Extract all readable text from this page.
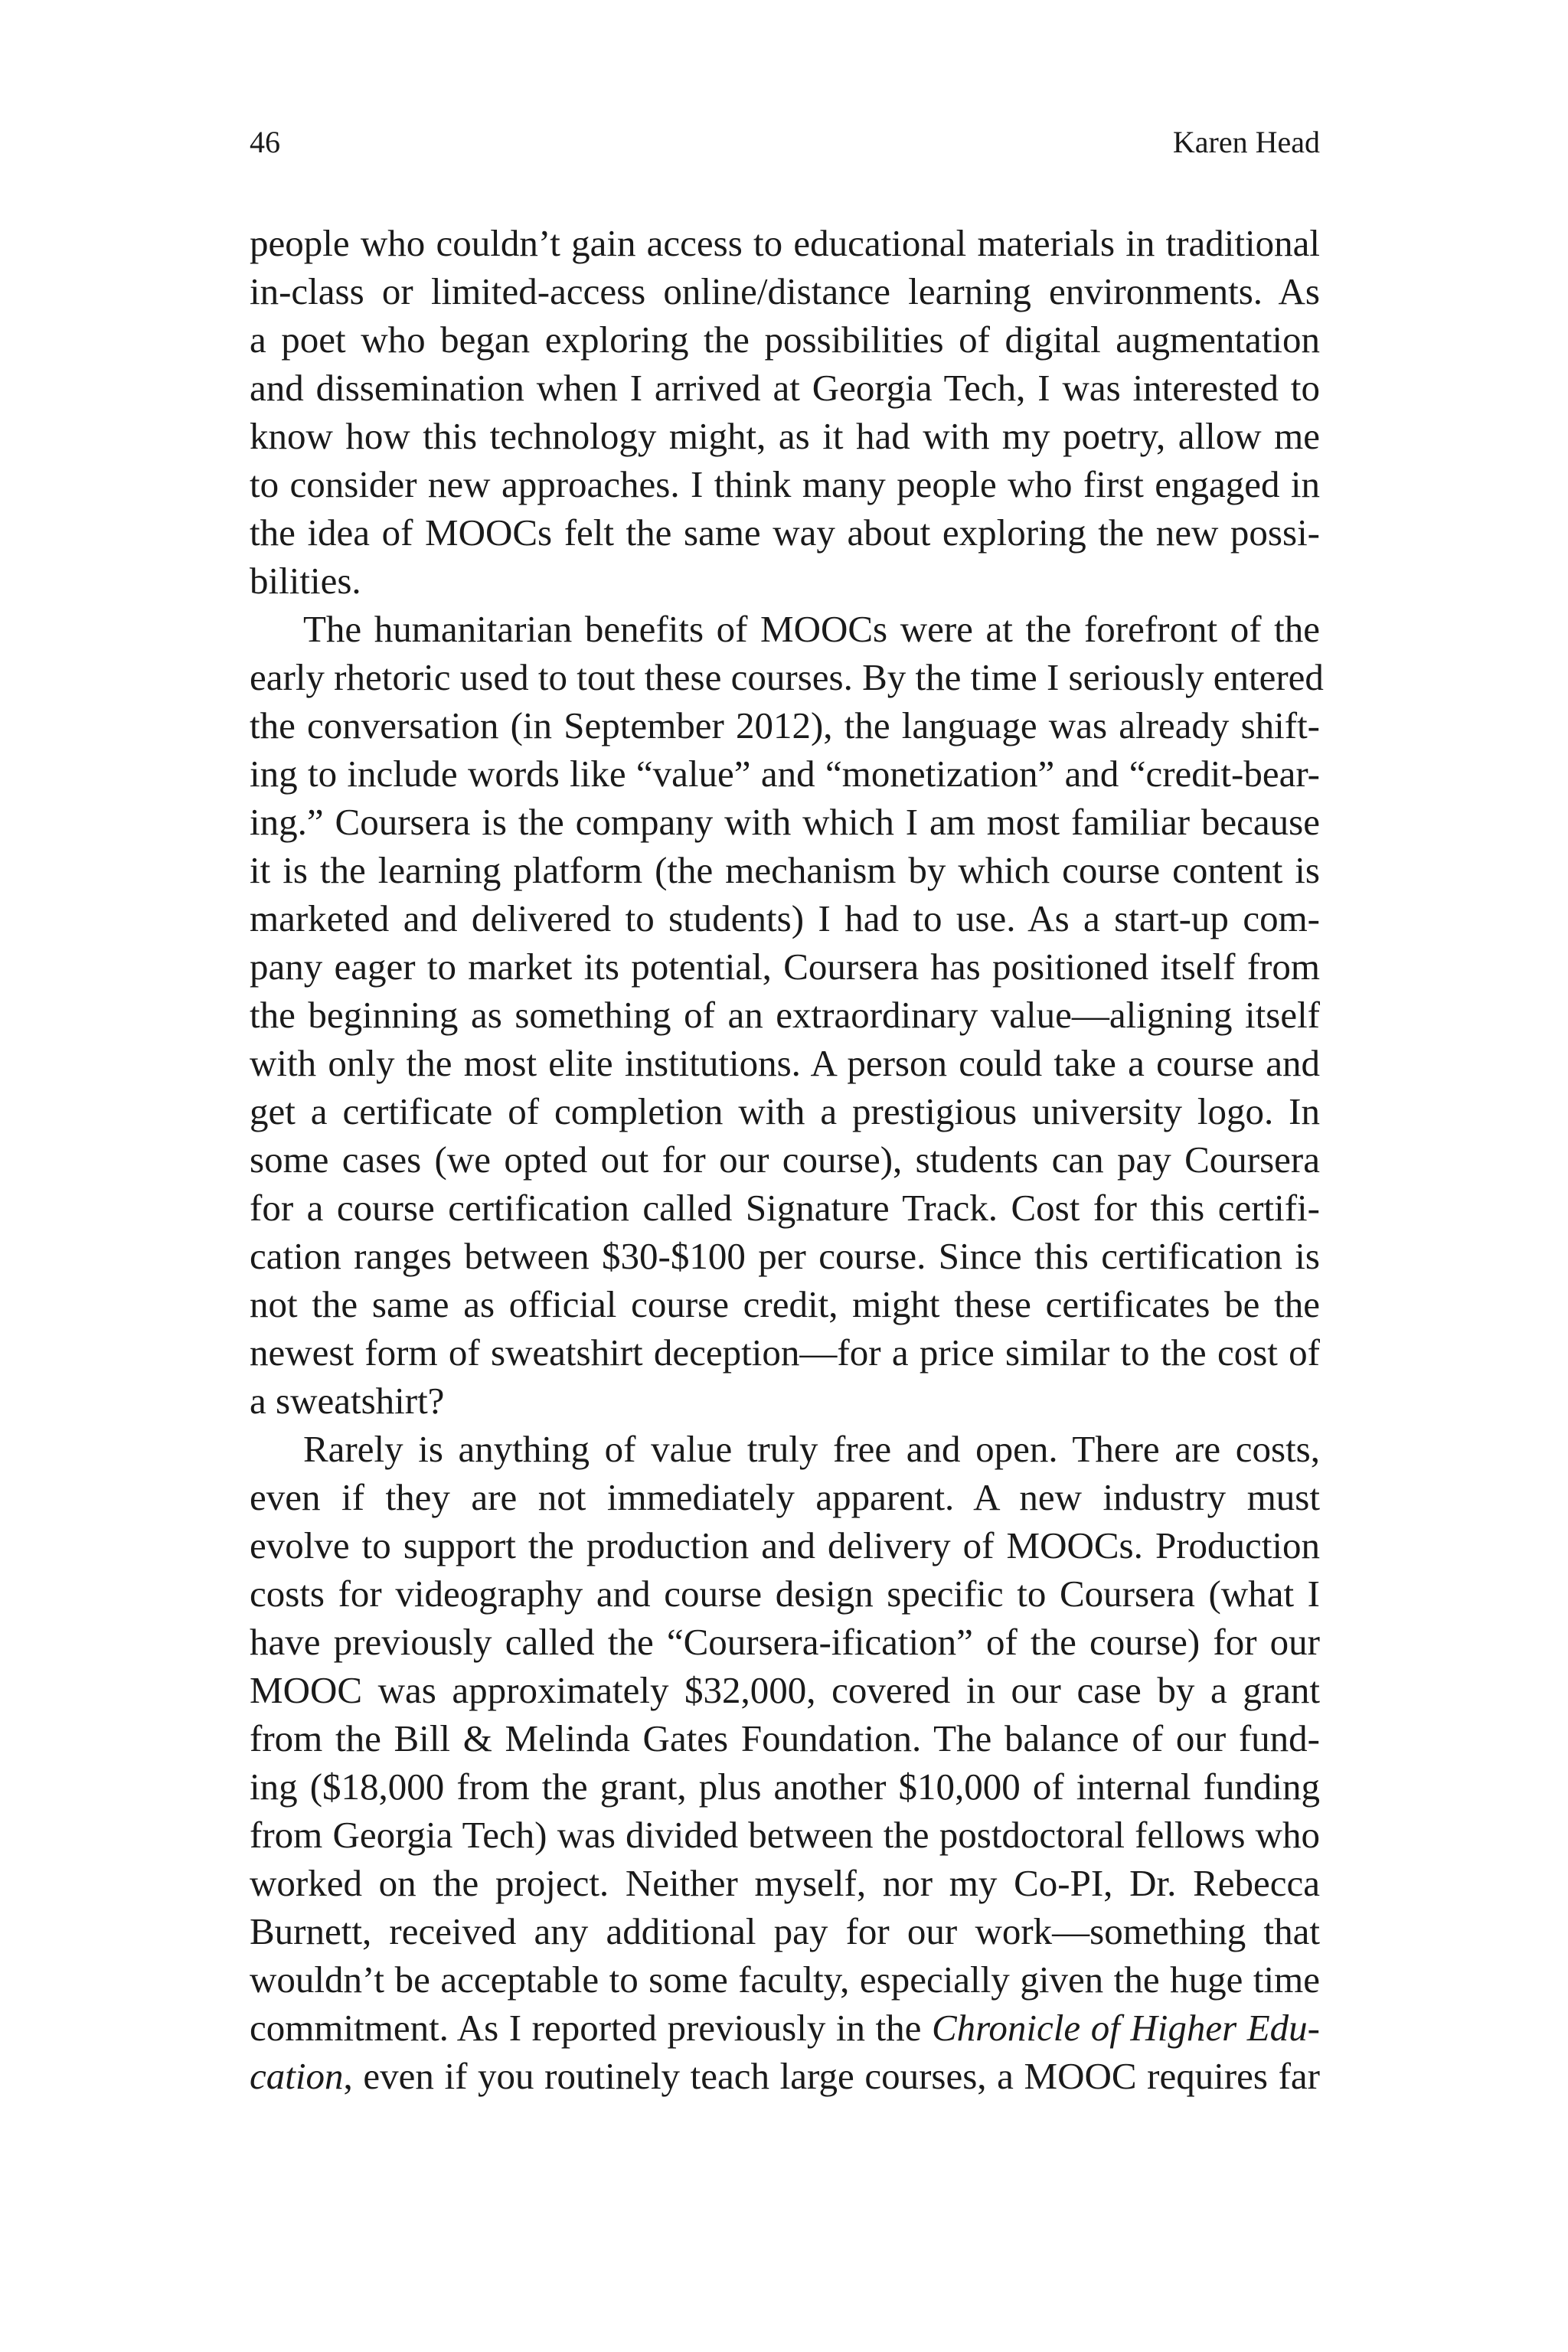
46	Karen Head
people who couldn’t gain access to educational materials in traditional
in-class or limited-access online/distance learning environments. As
a poet who began exploring the possibilities of digital augmentation
and dissemination when I arrived at Georgia Tech, I was interested to
know how this technology might, as it had with my poetry, allow me
to consider new approaches. I think many people who first engaged in
the idea of MOOCs felt the same way about exploring the new possi-
bilities.
The humanitarian benefits of MOOCs were at the forefront of the
early rhetoric used to tout these courses. By the time I seriously entered
the conversation (in September 2012), the language was already shift-
ing to include words like “value” and “monetization” and “credit-bear-
ing.” Coursera is the company with which I am most familiar because
it is the learning platform (the mechanism by which course content is
marketed and delivered to students) I had to use. As a start-up com-
pany eager to market its potential, Coursera has positioned itself from
the beginning as something of an extraordinary value—aligning itself
with only the most elite institutions. A person could take a course and
get a certificate of completion with a prestigious university logo. In
some cases (we opted out for our course), students can pay Coursera
for a course certification called Signature Track. Cost for this certifi-
cation ranges between $30-$100 per course. Since this certification is
not the same as official course credit, might these certificates be the
newest form of sweatshirt deception—for a price similar to the cost of
a sweatshirt?
Rarely is anything of value truly free and open. There are costs,
even if they are not immediately apparent. A new industry must
evolve to support the production and delivery of MOOCs. Production
costs for videography and course design specific to Coursera (what I
have previously called the “Coursera-ification” of the course) for our
MOOC was approximately $32,000, covered in our case by a grant
from the Bill & Melinda Gates Foundation. The balance of our fund-
ing ($18,000 from the grant, plus another $10,000 of internal funding
from Georgia Tech) was divided between the postdoctoral fellows who
worked on the project. Neither myself, nor my Co-PI, Dr. Rebecca
Burnett, received any additional pay for our work—something that
wouldn’t be acceptable to some faculty, especially given the huge time
commitment. As I reported previously in the Chronicle of Higher Edu-
cation, even if you routinely teach large courses, a MOOC requires far
